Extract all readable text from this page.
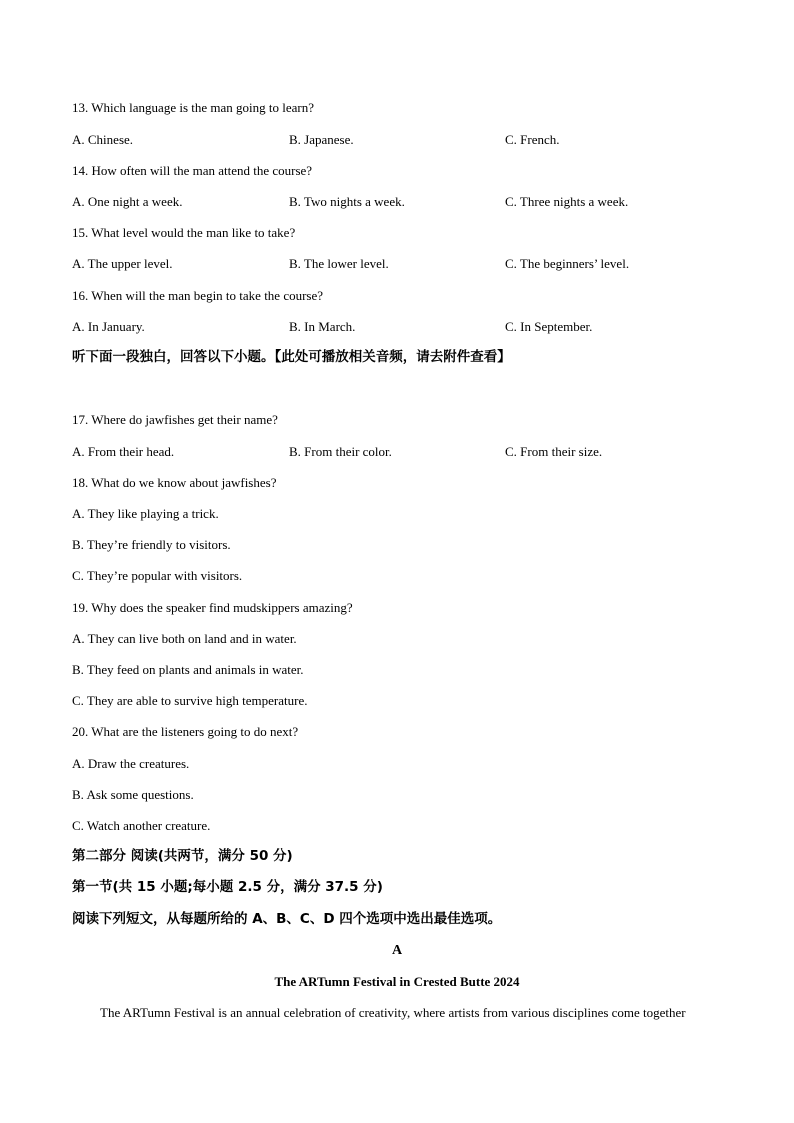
13. Which language is the man going to learn?

A. Chinese.	B. Japanese.	C. French.

14. How often will the man attend the course?

A. One night a week.	B. Two nights a week.	C. Three nights a week.

15. What level would the man like to take?

A. The upper level.	B. The lower level.	C. The beginners’ level.

16. When will the man begin to take the course?

A. In January.	B. In March.	C. In September.

听下面一段独白，回答以下小题。【此处可播放相关音频，请去附件查看】

17. Where do jawfishes get their name?

A. From their head.	B. From their color.	C. From their size.

18. What do we know about jawfishes?

A. They like playing a trick.

B. They’re friendly to visitors.

C. They’re popular with visitors.

19. Why does the speaker find mudskippers amazing?

A. They can live both on land and in water.

B. They feed on plants and animals in water.

C. They are able to survive high temperature.

20. What are the listeners going to do next?

A. Draw the creatures.

B. Ask some questions.

C. Watch another creature.

第二部分 阅读(共两节，满分 50 分)

第一节(共 15 小题;每小题 2.5 分，满分 37.5 分)

阅读下列短文，从每题所给的 A、B、C、D 四个选项中选出最佳选项。

A

The ARTumn Festival in Crested Butte 2024

The ARTumn Festival is an annual celebration of creativity, where artists from various disciplines come together
